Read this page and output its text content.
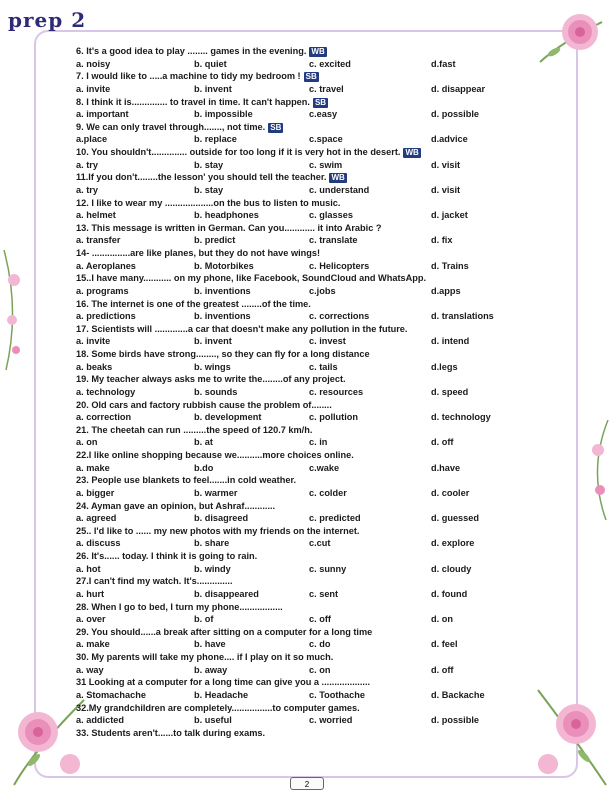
prep 2
6. It's a good idea to play ........ games in the evening. WB
a. noisy	b. quiet	c. excited	d.fast
7. I would like to .....a machine to tidy my bedroom ! SB
a. invite	b. invent	c. travel	d. disappear
8. I think it is.............. to travel in time. It can't happen. SB
a. important	b. impossible	c.easy	d. possible
9. We can only travel through......., not time. SB
a.place	b. replace	c.space	d.advice
10. You shouldn't.............. outside for too long if it is very hot in the desert. WB
a. try	b. stay	c. swim	d. visit
11.If you don't........the lesson' you should tell the teacher. WB
a. try	b. stay	c. understand	d. visit
12. I like to wear my ...................on the bus to listen to music.
a. helmet	b. headphones	c. glasses	d. jacket
13. This message is written in German. Can you............ it into Arabic ?
a. transfer	b. predict	c. translate	d. fix
14- ...............are like planes, but they do not have wings!
a. Aeroplanes	b. Motorbikes	c. Helicopters	d. Trains
15..I have many........... on my phone, like Facebook, SoundCloud and WhatsApp.
a. programs	b. inventions	c.jobs	d.apps
16. The internet is one of the greatest ........of the time.
a. predictions	b. inventions	c. corrections	d. translations
17. Scientists will .............a car that doesn't make any pollution in the future.
a. invite	b. invent	c. invest	d. intend
18. Some birds have strong........, so they can fly for a long distance
a. beaks	b. wings	c. tails	d.legs
19. My teacher always asks me to write the........of any project.
a. technology	b. sounds	c. resources	d. speed
20. Old cars and factory rubbish cause the problem of........
a. correction	b. development	c. pollution	d. technology
21. The cheetah can run .........the speed of 120.7 km/h.
a. on	b. at	c. in	d. off
22.I like online shopping because we..........more choices online.
a. make	b.do	c.wake	d.have
23. People use blankets to feel.......in cold weather.
a. bigger	b. warmer	c. colder	d. cooler
24. Ayman gave an opinion, but Ashraf............
a. agreed	b. disagreed	c. predicted	d. guessed
25.. I'd like to ...... my new photos with my friends on the internet.
a. discuss	b. share	c.cut	d. explore
26. It's...... today. I think it is going to rain.
a. hot	b. windy	c. sunny	d. cloudy
27.I can't find my watch. It's..............
a. hurt	b. disappeared	c. sent	d. found
28. When I go to bed, I turn my phone.................
a. over	b. of	c. off	d. on
29. You should......a break after sitting on a computer for a long time
a. make	b. have	c. do	d. feel
30. My parents will take my phone.... if I play on it so much.
a. way	b. away	c. on	d. off
31 Looking at a computer for a long time can give you a ...................
a. Stomachache	b. Headache	c. Toothache	d. Backache
32.My grandchildren are completely................to computer games.
a. addicted	b. useful	c. worried	d. possible
33. Students aren't......to talk during exams.
2
